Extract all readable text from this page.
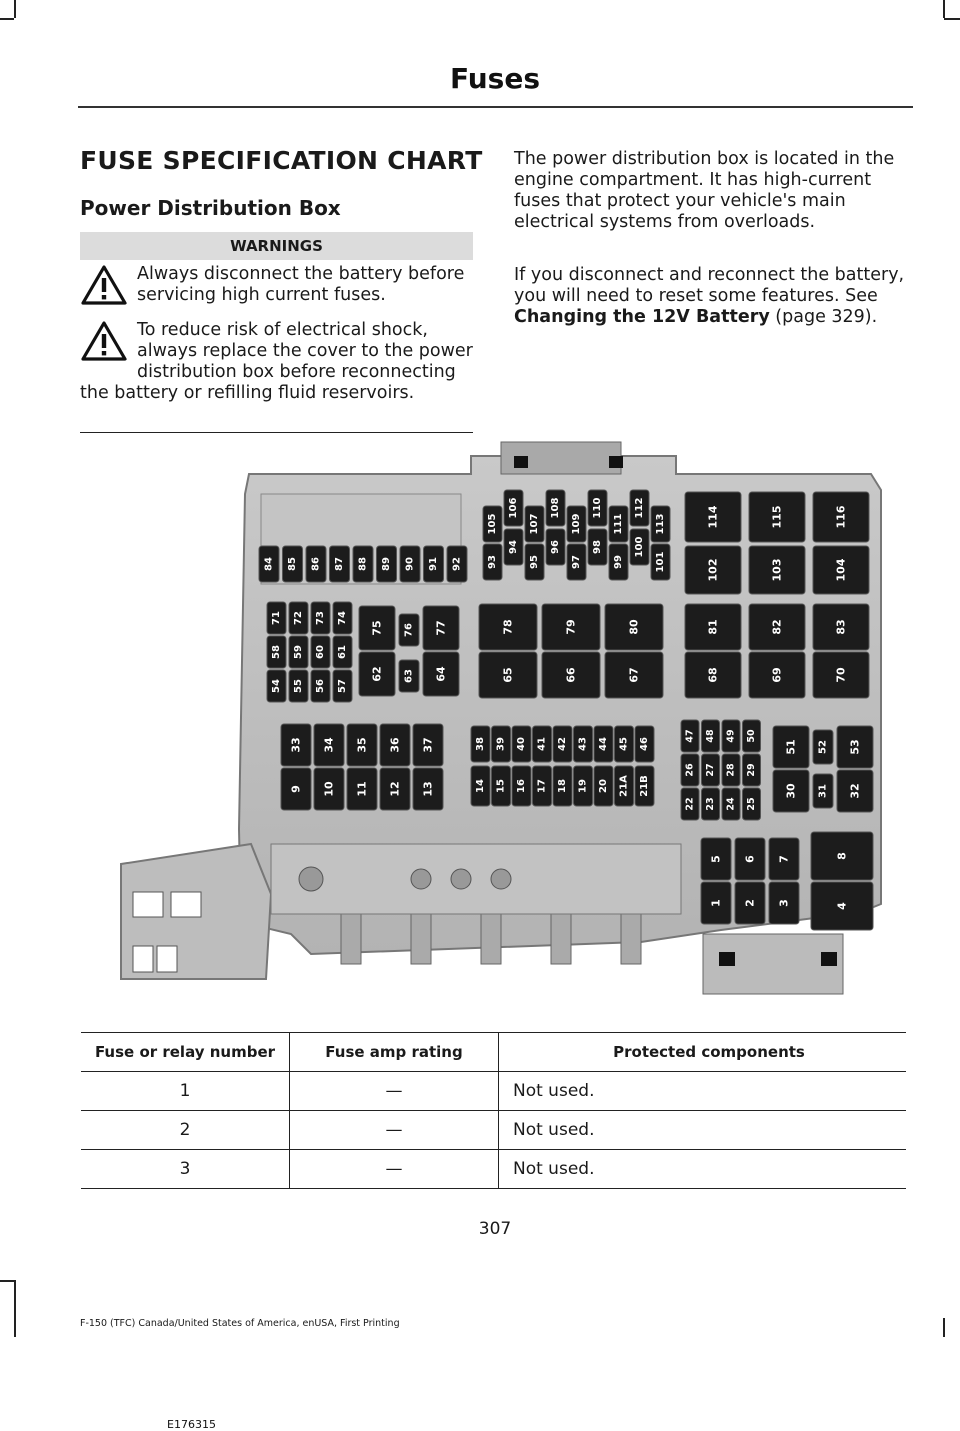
Fuses
FUSE SPECIFICATION CHART
Power Distribution Box
WARNINGS
Always disconnect the battery before servicing high current fuses.
To reduce risk of electrical shock, always replace the cover to the power distribution box before reconnecting the battery or refilling fluid reservoirs.
The power distribution box is located in the engine compartment. It has high-current fuses that protect your vehicle's main electrical systems from overloads.
If you disconnect and reconnect the battery, you will need to reset some features. See Changing the 12V Battery (page 329).
84 85 86 87 88 89 90 91 92 93
94
95
96
97
98
99
100
101
105
106
107
108
109
110
111
112
113	114	115	116
102	103	104
71 72 73 74
58 59 60 61
54 55 56 57
75 76 77
62 63 64
78	79	80
65	66	67
81	82	83
68	69	70
33 34 35 36 37
9 10 11 12 13
38 39 40 41 42 43 44 45 46
14 15 16 17 18 19 20 21A 21B
47 48 49 50
26 27 28 29
22 23 24 25
51 52 53
30 31 32
5 6 7	8
1 2 3	4
E176315
Fuse or relay number	Fuse amp rating	Protected components
1	—	Not used.
2	—	Not used.
3	—	Not used.
307
F-150 (TFC) Canada/United States of America, enUSA, First Printing
